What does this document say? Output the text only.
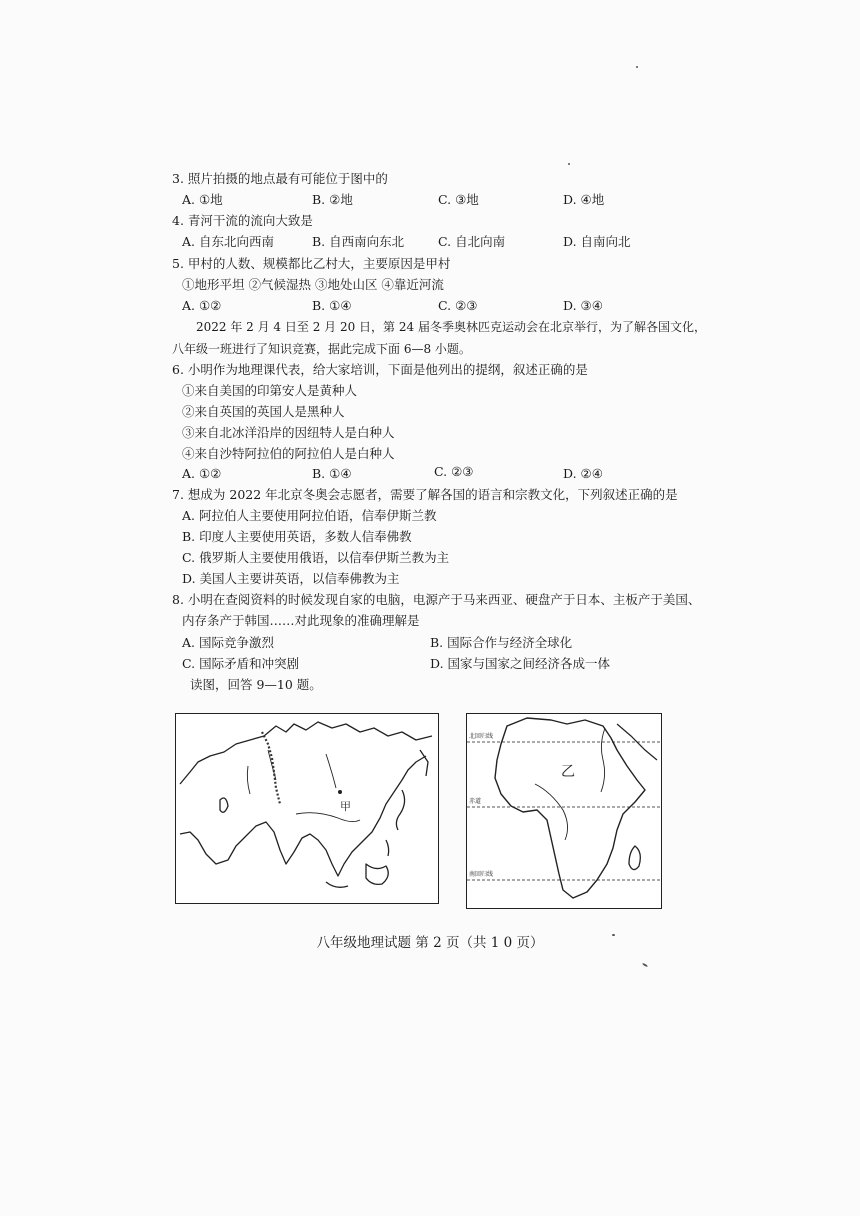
3. 照片拍摄的地点最有可能位于图中的
A. ①地	B. ②地	C. ③地	D. ④地
4. 青河干流的流向大致是
A. 自东北向西南	B. 自西南向东北	C. 自北向南	D. 自南向北
5. 甲村的人数、规模都比乙村大，主要原因是甲村
①地形平坦 ②气候湿热 ③地处山区 ④靠近河流
A. ①②	B. ①④	C. ②③	D. ③④
2022 年 2 月 4 日至 2 月 20 日，第 24 届冬季奥林匹克运动会在北京举行，为了解各国文化，
八年级一班进行了知识竞赛，据此完成下面 6—8 小题。
6. 小明作为地理课代表，给大家培训，下面是他列出的提纲，叙述正确的是
①来自美国的印第安人是黄种人
②来自英国的英国人是黑种人
③来自北冰洋沿岸的因纽特人是白种人
④来自沙特阿拉伯的阿拉伯人是白种人
A. ①②	B. ①④	C. ②③	D. ②④
7. 想成为 2022 年北京冬奥会志愿者，需要了解各国的语言和宗教文化，下列叙述正确的是
A. 阿拉伯人主要使用阿拉伯语，信奉伊斯兰教
B. 印度人主要使用英语，多数人信奉佛教
C. 俄罗斯人主要使用俄语，以信奉伊斯兰教为主
D. 美国人主要讲英语，以信奉佛教为主
8. 小明在查阅资料的时候发现自家的电脑，电源产于马来西亚、硬盘产于日本、主板产于美国、
内存条产于韩国……对此现象的准确理解是
A. 国际竞争激烈	B. 国际合作与经济全球化
C. 国际矛盾和冲突剧	D. 国家与国家之间经济各成一体
读图，回答 9—10 题。
甲
北回归线
赤道
南回归线
乙
八年级地理试题 第 2 页（共 1 0 页）
